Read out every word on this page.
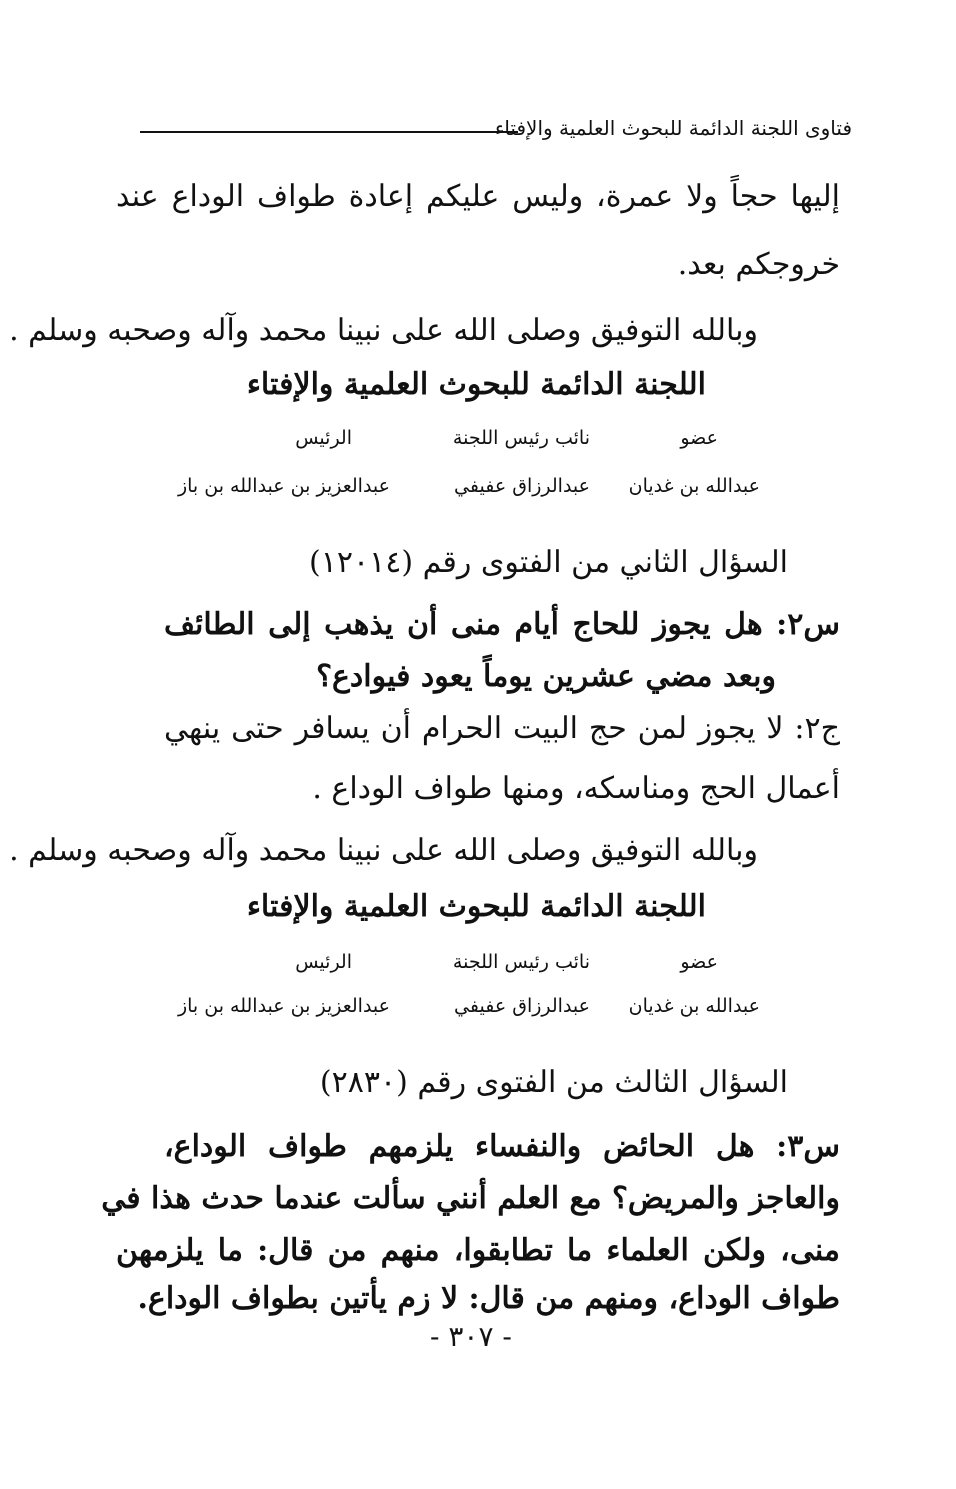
فتاوى اللجنة الدائمة للبحوث العلمية والإفتاء
إليها حجاً ولا عمرة، وليس عليكم إعادة طواف الوداع عند
خروجكم بعد.
وبالله التوفيق وصلى الله على نبينا محمد وآله وصحبه وسلم .
اللجنة الدائمة للبحوث العلمية والإفتاء
عضو
نائب رئيس اللجنة
الرئيس
عبدالله بن غديان
عبدالرزاق عفيفي
عبدالعزيز بن عبدالله بن باز
السؤال الثاني من الفتوى رقم (١٢٠١٤)
س٢: هل يجوز للحاج أيام منى أن يذهب إلى الطائف
وبعد مضي عشرين يوماً يعود فيوادع؟
ج٢: لا يجوز لمن حج البيت الحرام أن يسافر حتى ينهي
أعمال الحج ومناسكه، ومنها طواف الوداع .
وبالله التوفيق وصلى الله على نبينا محمد وآله وصحبه وسلم .
اللجنة الدائمة للبحوث العلمية والإفتاء
عضو
نائب رئيس اللجنة
الرئيس
عبدالله بن غديان
عبدالرزاق عفيفي
عبدالعزيز بن عبدالله بن باز
السؤال الثالث من الفتوى رقم (٢٨٣٠)
س٣: هل الحائض والنفساء يلزمهم طواف الوداع،
والعاجز والمريض؟ مع العلم أنني سألت عندما حدث هذا في
منى، ولكن العلماء ما تطابقوا، منهم من قال: ما يلزمهن
طواف الوداع، ومنهم من قال: لا زم يأتين بطواف الوداع.
- ٣٠٧ -
